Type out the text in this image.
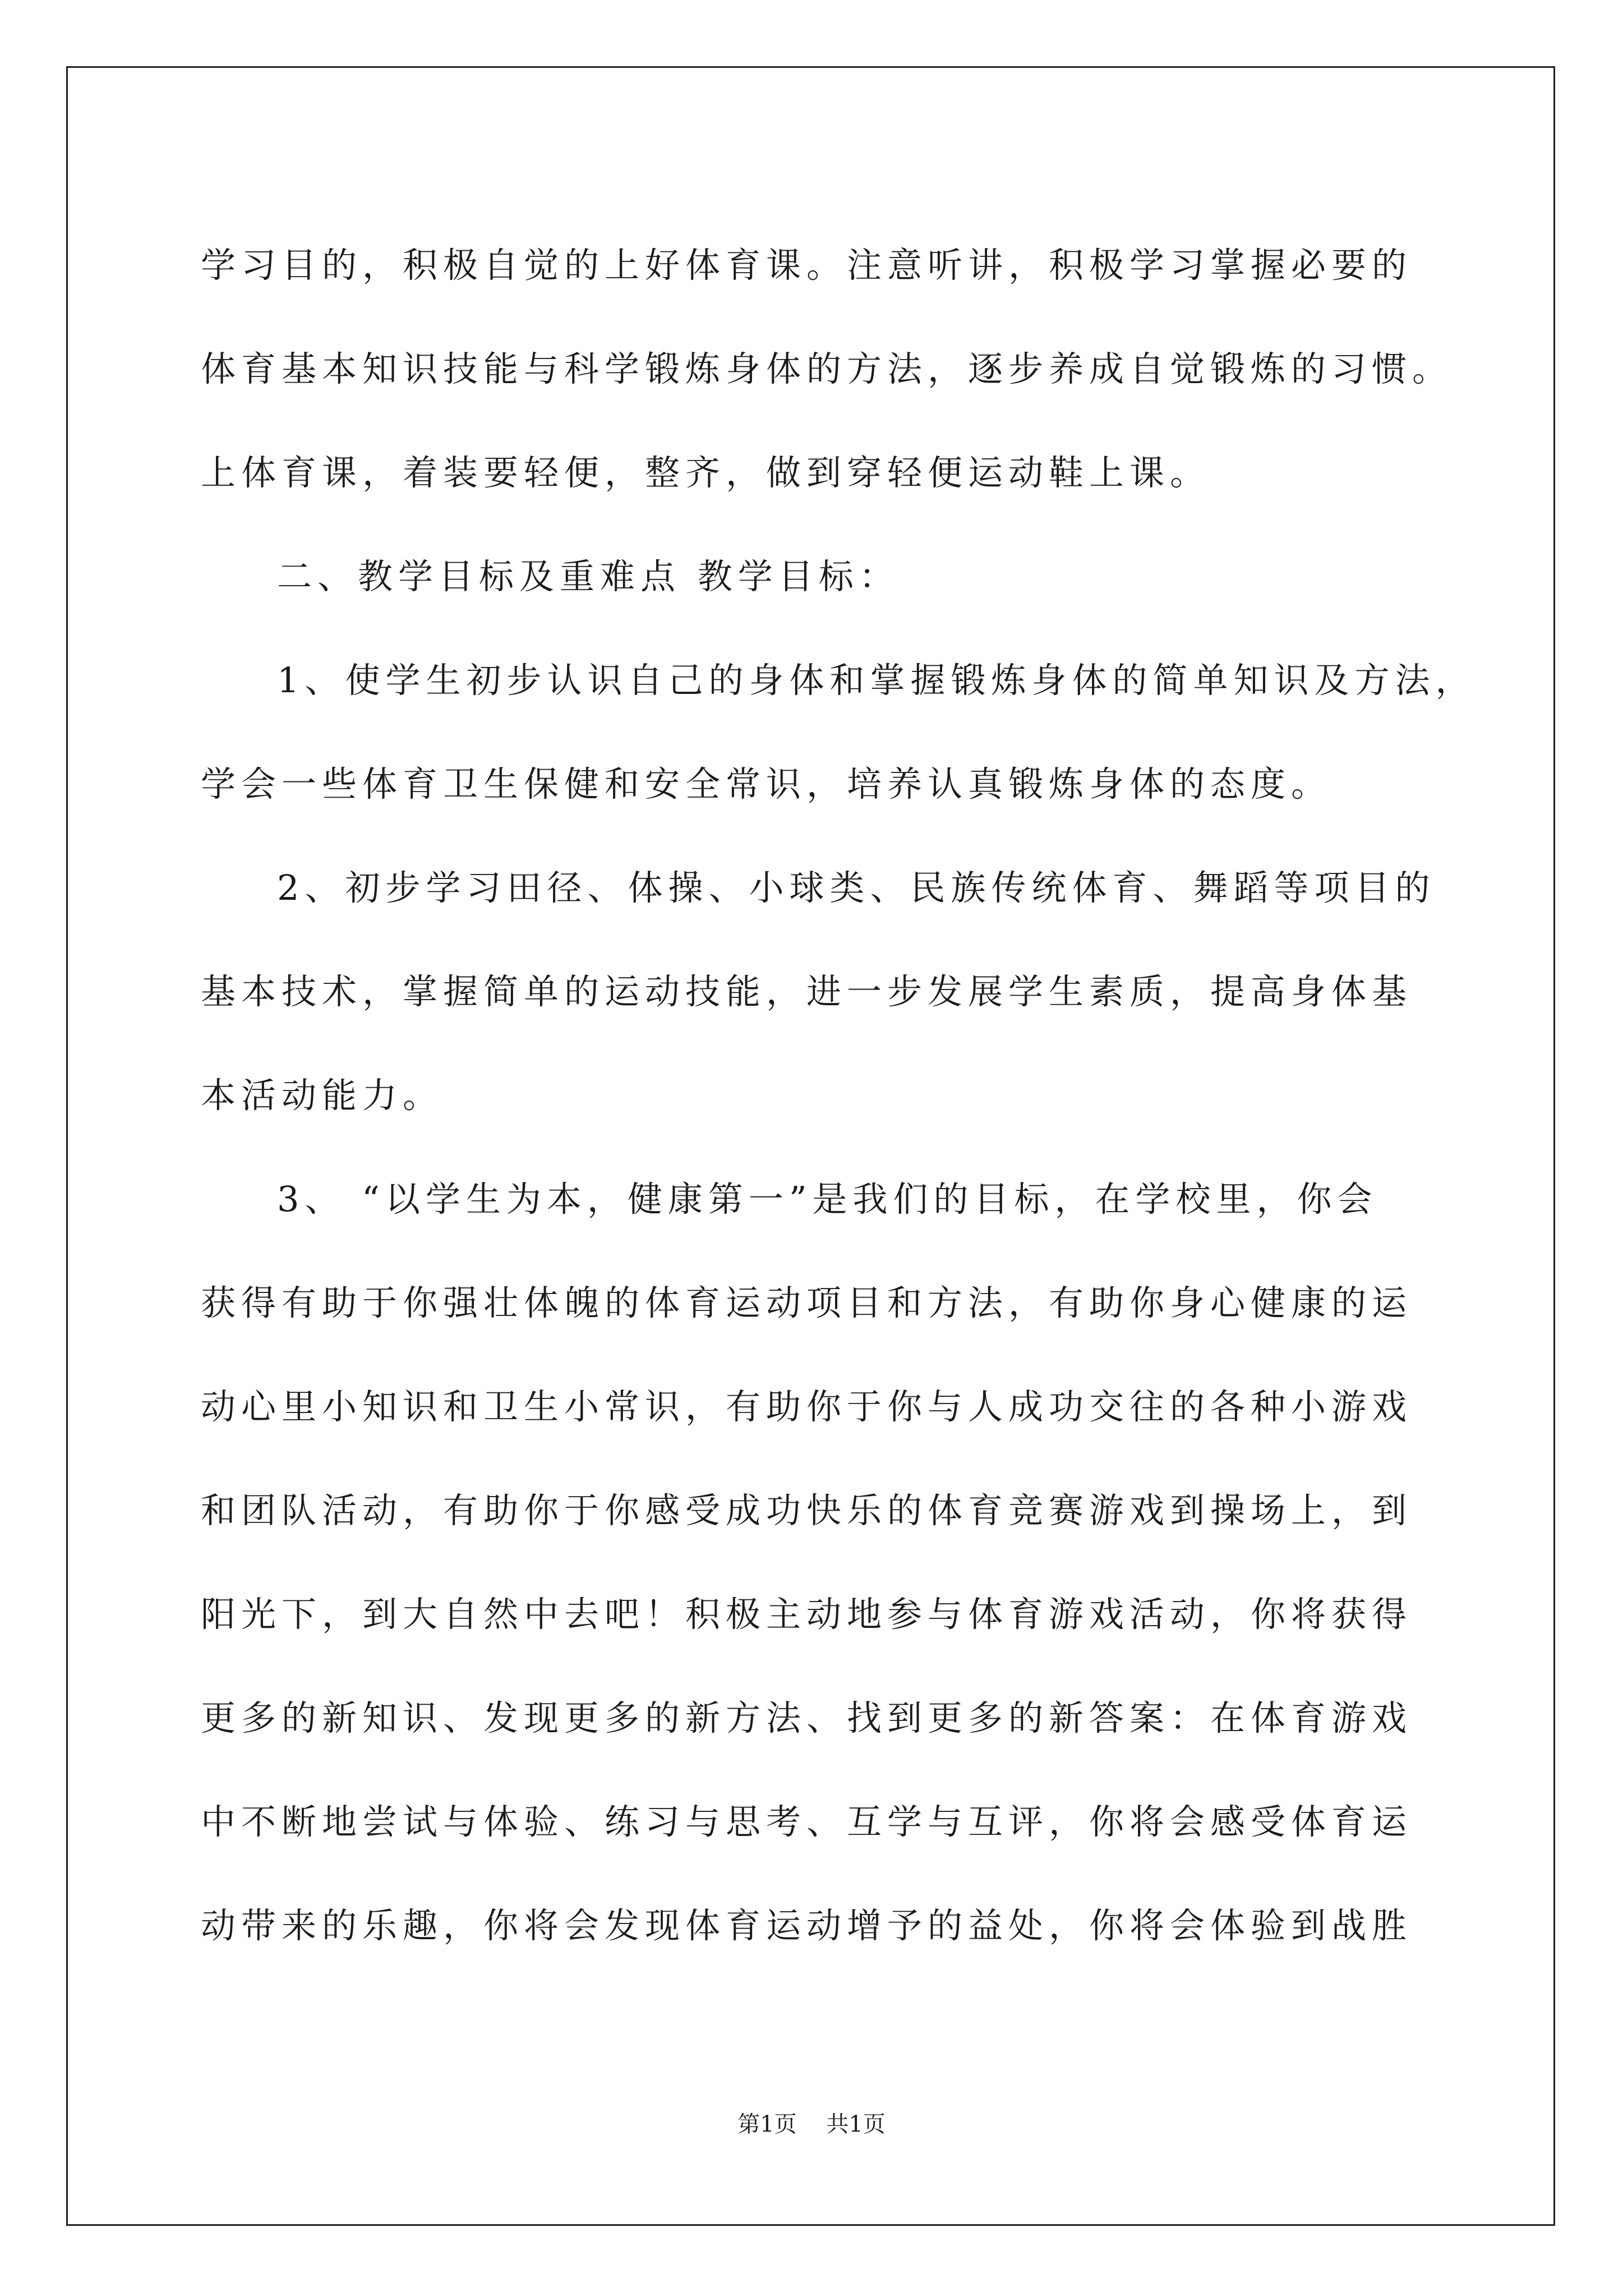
学习目的，积极自觉的上好体育课。注意听讲，积极学习掌握必要的
体育基本知识技能与科学锻炼身体的方法，逐步养成自觉锻炼的习惯。
上体育课，着装要轻便，整齐，做到穿轻便运动鞋上课。
二、教学目标及重难点 教学目标：
1、使学生初步认识自己的身体和掌握锻炼身体的简单知识及方法，
学会一些体育卫生保健和安全常识，培养认真锻炼身体的态度。
2、初步学习田径、体操、小球类、民族传统体育、舞蹈等项目的
基本技术，掌握简单的运动技能，进一步发展学生素质，提高身体基
本活动能力。
3、 “以学生为本，健康第一”是我们的目标，在学校里，你会
获得有助于你强壮体魄的体育运动项目和方法，有助你身心健康的运
动心里小知识和卫生小常识，有助你于你与人成功交往的各种小游戏
和团队活动，有助你于你感受成功快乐的体育竞赛游戏到操场上，到
阳光下，到大自然中去吧！积极主动地参与体育游戏活动，你将获得
更多的新知识、发现更多的新方法、找到更多的新答案：在体育游戏
中不断地尝试与体验、练习与思考、互学与互评，你将会感受体育运
动带来的乐趣，你将会发现体育运动增予的益处，你将会体验到战胜
第1页 共1页
